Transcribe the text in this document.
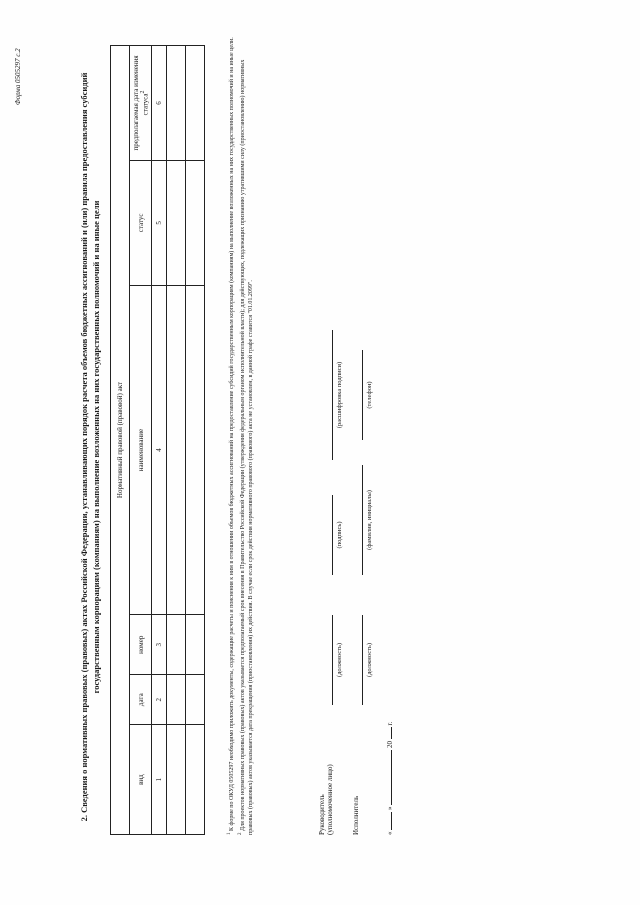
Форма 0505297 с.2	2. Сведения о нормативных правовых (правовых) актах Российской Федерации, устанавливающих порядок расчета объемов бюджетных ассигнований и (или) правила предоставления субсидий государственным корпорациям (компаниям) на выполнение возложенных на них государственных полномочий и на иные цели Нормативный правовой (правовой) акт					
вид	дата	номер	наименование	статус	предполагаемая дата изменения статуса$^2$
1	2	3	4	5	6

$^1$ К форме по ОКУД 0505297 необходимо приложить документы, содержащие расчеты и пояснения к ним в отношении объемов бюджетных ассигнований на предоставление субсидий государственным корпорациям (компаниям) на выполнение возложенных на них государственных полномочий и на иные цели.

$^2$ Для проектов нормативных правовых (правовых) актов указывается предполагаемый срок внесения в Правительство Российской Федерации (утверждения федеральным органом исполнительной власти); для действующих, подлежащих признанию утратившими силу (приостановлению) нормативных правовых (правовых) актов указывается дата прекращения (приостановления) их действия. В случае если срок действия нормативного правового (правового) акта не установлен, в данной графе ставится "01.01.2099".	Руководитель (уполномоченное лицо)
(должность)
(подпись)
(расшифровка подписи)
Исполнитель
(должность)
(фамилия, инициалы)
(телефон)
«  »  20  г.
